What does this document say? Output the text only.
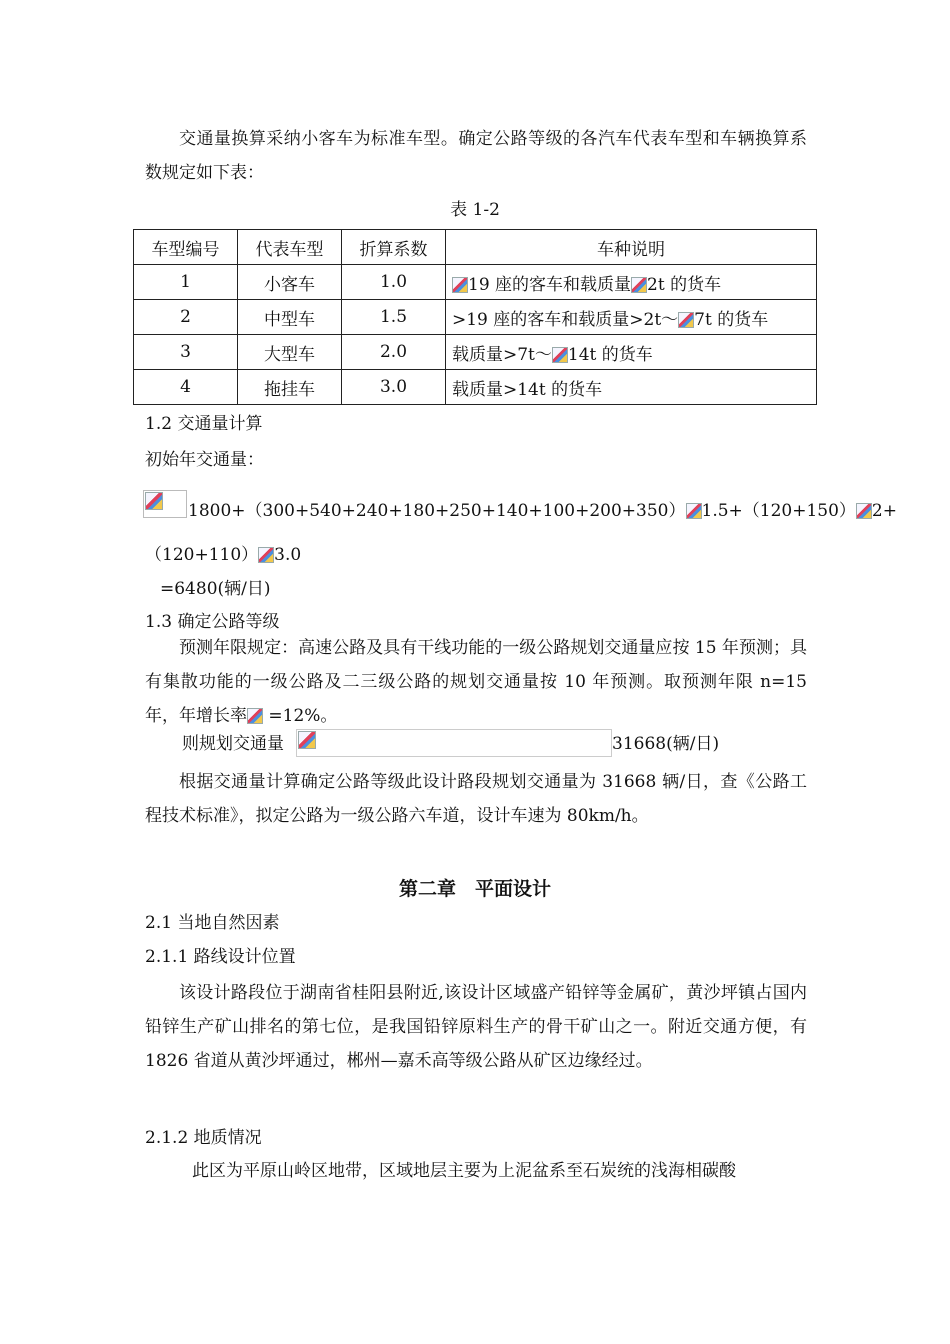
交通量换算采纳小客车为标准车型。确定公路等级的各汽车代表车型和车辆换算系数规定如下表：
表 1-2
车型编号	代表车型	折算系数	车种说明
1	小客车	1.0	19 座的客车和载质量 2t 的货车
2	中型车	1.5	>19 座的客车和载质量>2t～ 7t 的货车
3	大型车	2.0	载质量>7t～ 14t 的货车
4	拖挂车	3.0	载质量>14t 的货车
1.2 交通量计算
初始年交通量：
1800+（300+540+240+180+250+140+100+200+350） 1.5+（120+150） 2+
（120+110） 3.0
=6480(辆/日)
1.3 确定公路等级
预测年限规定：高速公路及具有干线功能的一级公路规划交通量应按 15 年预测；具有集散功能的一级公路及二三级公路的规划交通量按 10 年预测。取预测年限 n=15 年，年增长率 =12%。
则规划交通量	31668(辆/日)
根据交通量计算确定公路等级此设计路段规划交通量为 31668 辆/日，查《公路工程技术标准》，拟定公路为一级公路六车道，设计车速为 80km/h。
第二章　平面设计
2.1 当地自然因素
2.1.1 路线设计位置
该设计路段位于湖南省桂阳县附近,该设计区域盛产铅锌等金属矿，黄沙坪镇占国内铅锌生产矿山排名的第七位，是我国铅锌原料生产的骨干矿山之一。附近交通方便，有 1826 省道从黄沙坪通过，郴州—嘉禾高等级公路从矿区边缘经过。
2.1.2 地质情况
此区为平原山岭区地带，区域地层主要为上泥盆系至石炭统的浅海相碳酸
